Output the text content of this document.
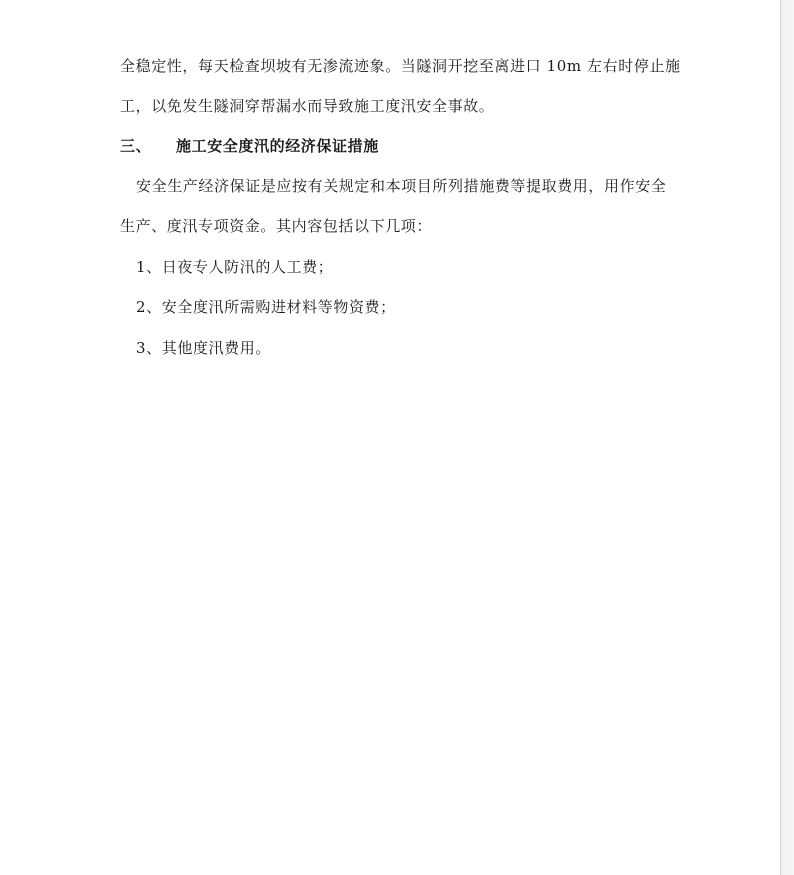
全稳定性，每天检查坝坡有无渗流迹象。当隧洞开挖至离进口 10m 左右时停止施
工，以免发生隧洞穿帮漏水而导致施工度汛安全事故。
三、 施工安全度汛的经济保证措施
安全生产经济保证是应按有关规定和本项目所列措施费等提取费用，用作安全
生产、度汛专项资金。其内容包括以下几项：
1、日夜专人防汛的人工费；
2、安全度汛所需购进材料等物资费；
3、其他度汛费用。
